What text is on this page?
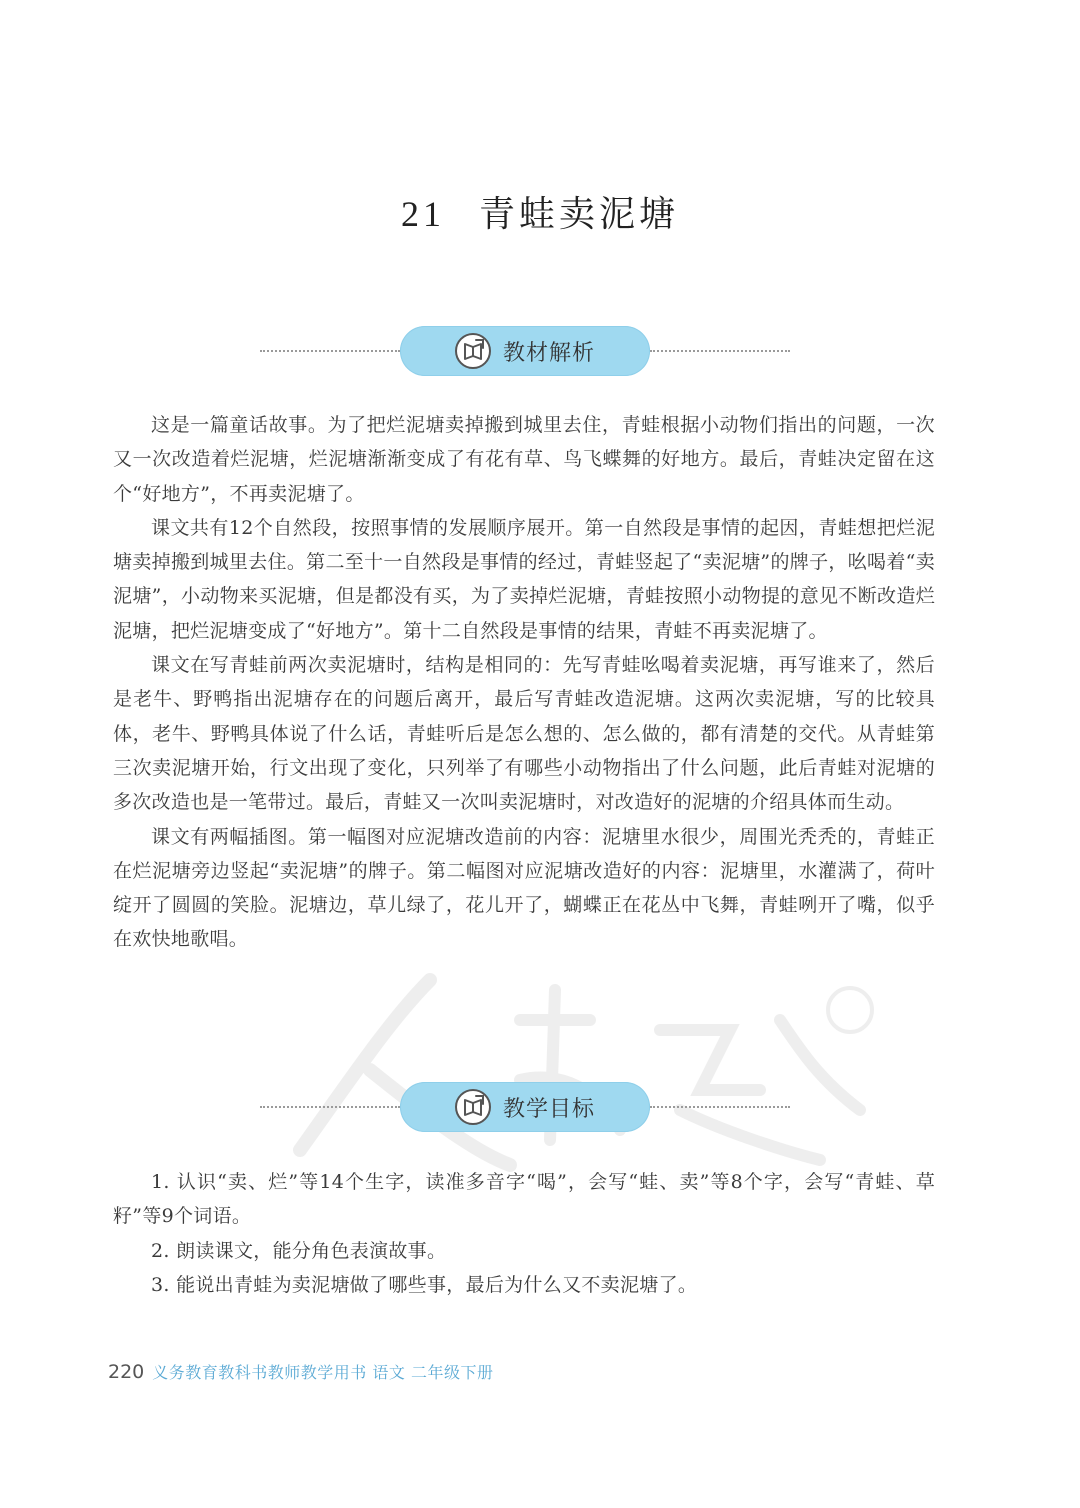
21 青蛙卖泥塘
教材解析

这是一篇童话故事。为了把烂泥塘卖掉搬到城里去住，青蛙根据小动物们指出的问题，一次又一次改造着烂泥塘，烂泥塘渐渐变成了有花有草、鸟飞蝶舞的好地方。最后，青蛙决定留在这个“好地方”，不再卖泥塘了。

课文共有12个自然段，按照事情的发展顺序展开。第一自然段是事情的起因，青蛙想把烂泥塘卖掉搬到城里去住。第二至十一自然段是事情的经过，青蛙竖起了“卖泥塘”的牌子，吆喝着“卖泥塘”，小动物来买泥塘，但是都没有买，为了卖掉烂泥塘，青蛙按照小动物提的意见不断改造烂泥塘，把烂泥塘变成了“好地方”。第十二自然段是事情的结果，青蛙不再卖泥塘了。

课文在写青蛙前两次卖泥塘时，结构是相同的：先写青蛙吆喝着卖泥塘，再写谁来了，然后是老牛、野鸭指出泥塘存在的问题后离开，最后写青蛙改造泥塘。这两次卖泥塘，写的比较具体，老牛、野鸭具体说了什么话，青蛙听后是怎么想的、怎么做的，都有清楚的交代。从青蛙第三次卖泥塘开始，行文出现了变化，只列举了有哪些小动物指出了什么问题，此后青蛙对泥塘的多次改造也是一笔带过。最后，青蛙又一次叫卖泥塘时，对改造好的泥塘的介绍具体而生动。

课文有两幅插图。第一幅图对应泥塘改造前的内容：泥塘里水很少，周围光秃秃的，青蛙正在烂泥塘旁边竖起“卖泥塘”的牌子。第二幅图对应泥塘改造好的内容：泥塘里，水灌满了，荷叶绽开了圆圆的笑脸。泥塘边，草儿绿了，花儿开了，蝴蝶正在花丛中飞舞，青蛙咧开了嘴，似乎在欢快地歌唱。

教学目标

1. 认识“卖、烂”等14个生字，读准多音字“喝”，会写“蛙、卖”等8个字，会写“青蛙、草籽”等9个词语。

2. 朗读课文，能分角色表演故事。

3. 能说出青蛙为卖泥塘做了哪些事，最后为什么又不卖泥塘了。

220 义务教育教科书教师教学用书 语文 二年级下册
